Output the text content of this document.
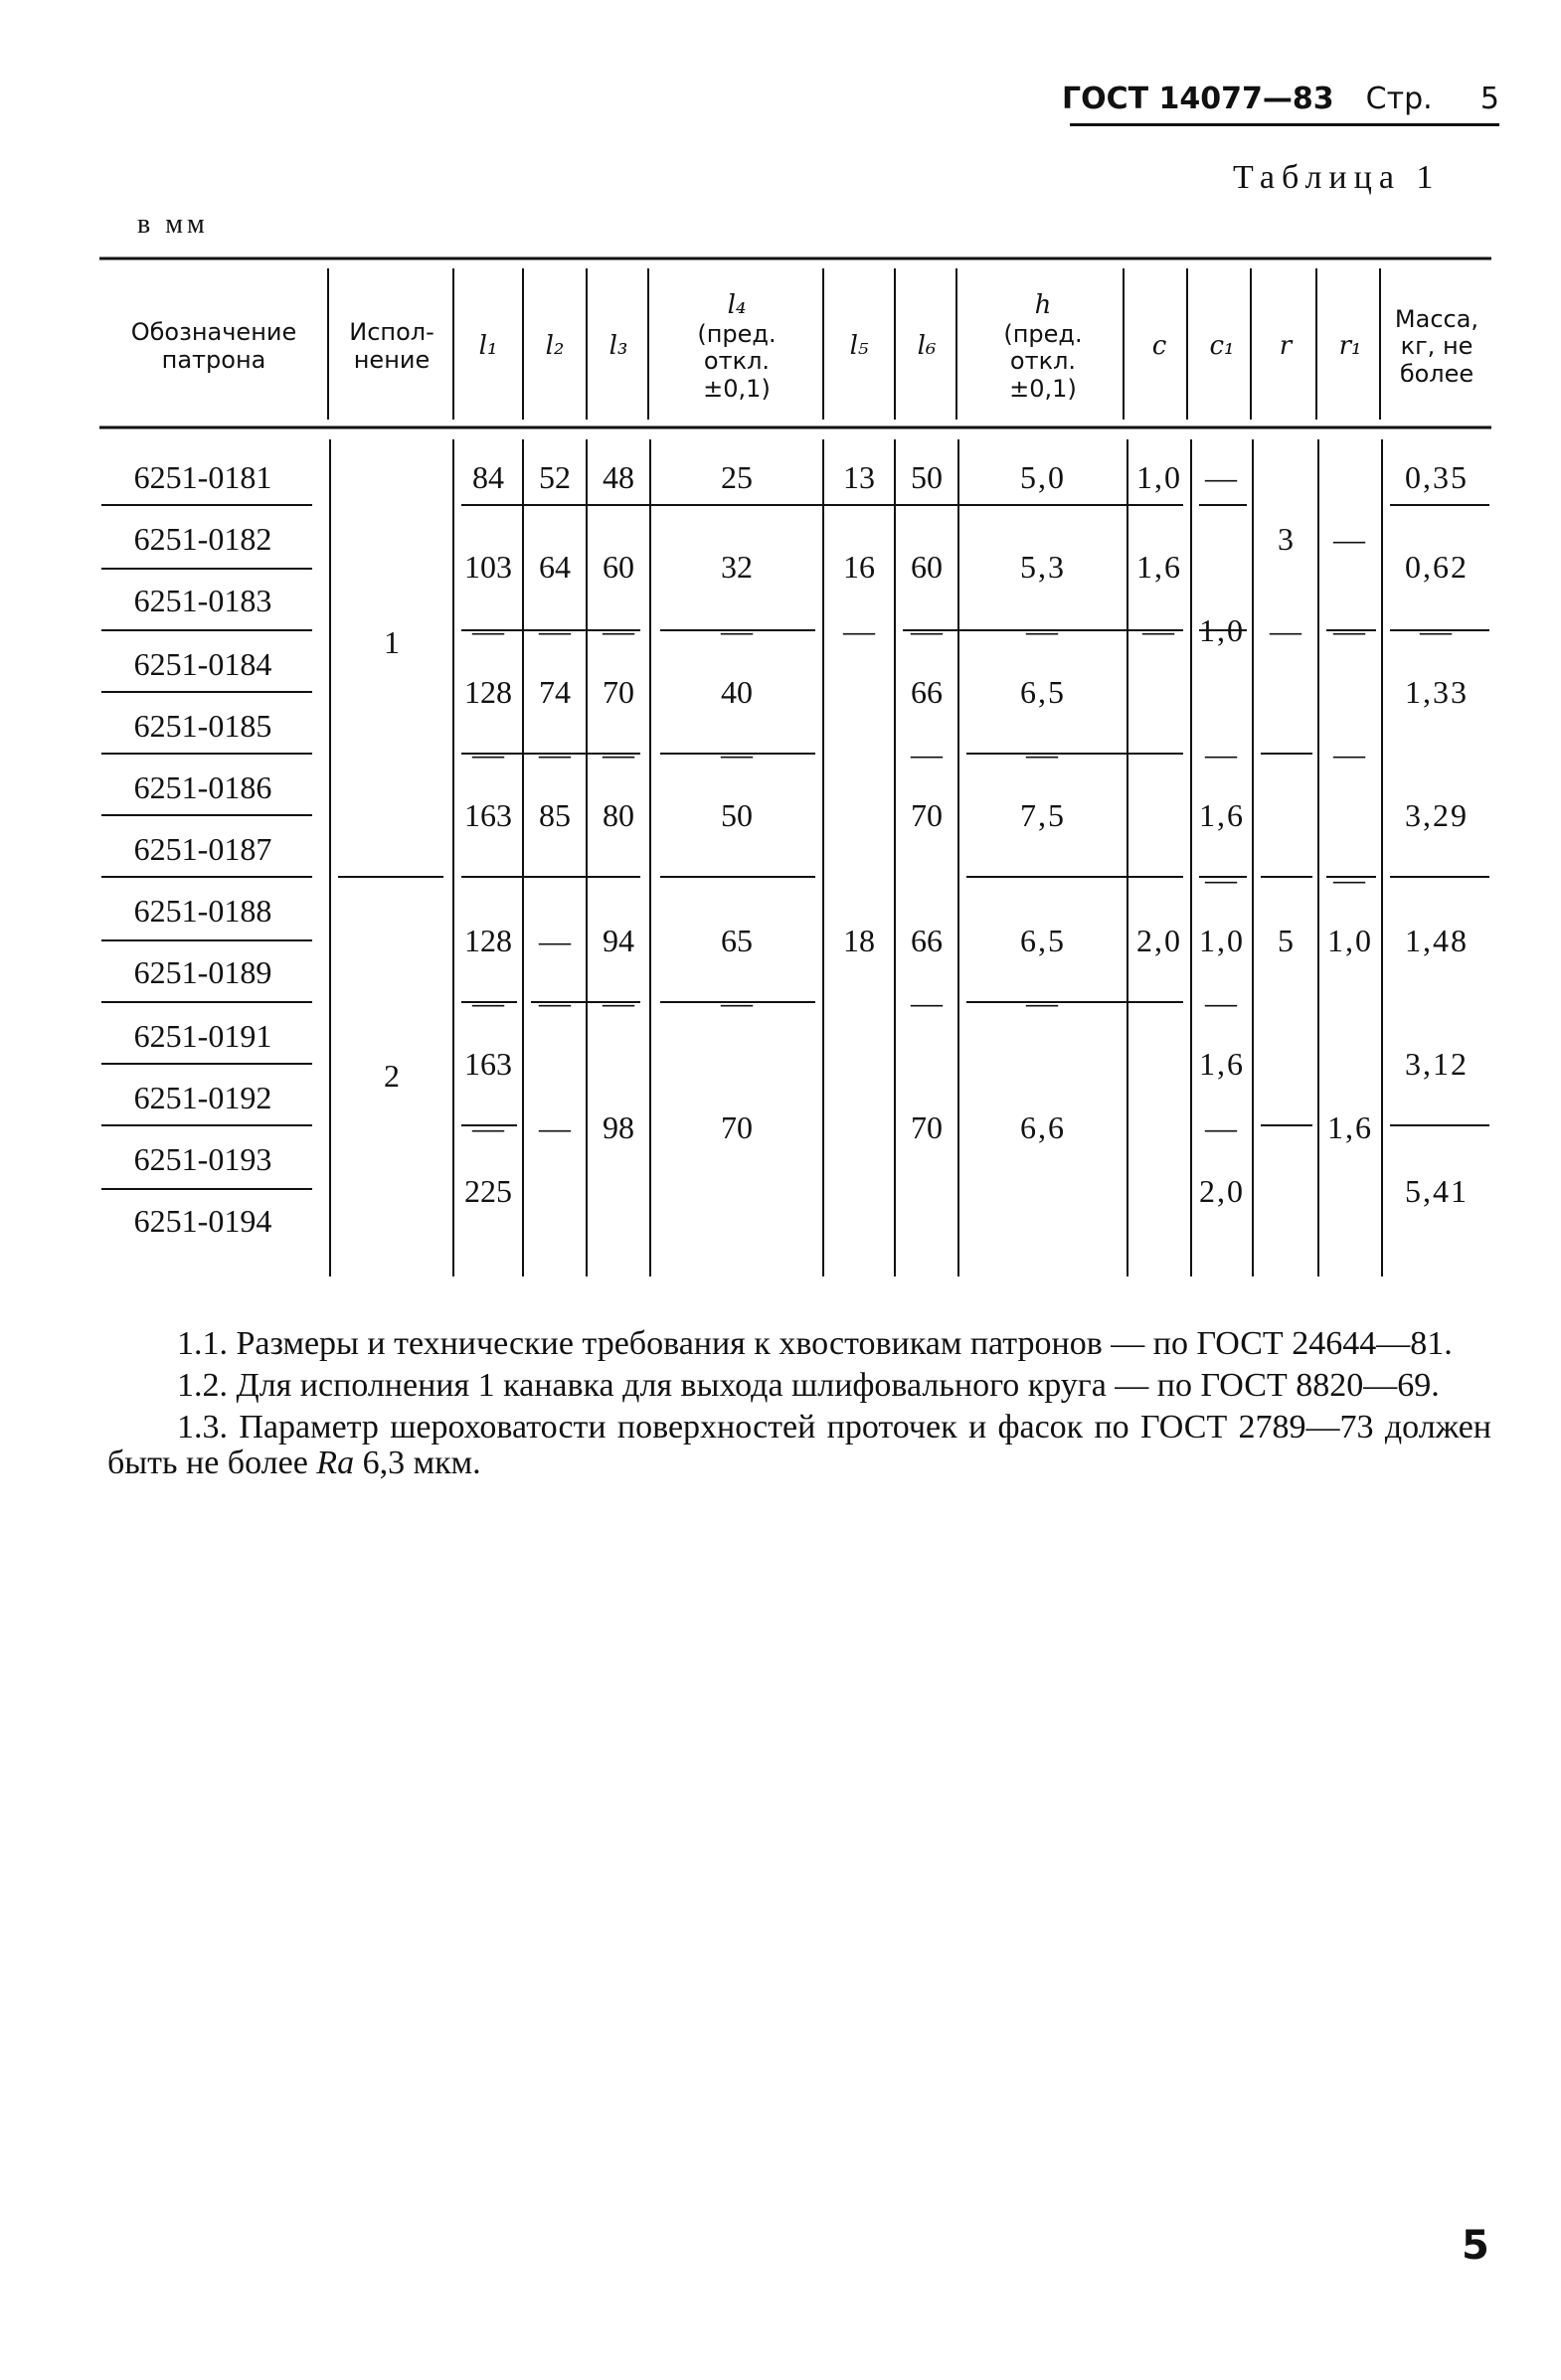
ГОСТ 14077—83 Стр. 5
Таблица 1
в мм
Обозначение патрона
Испол- нение	l₁ l₂ l₃
l₄
(пред. откл. ±0,1)
l₅ l₆
h
(пред. откл. ±0,1)
c c₁ r r₁
Масса, кг, не более
6251-0181
6251-0182
6251-0183
6251-0184
6251-0185
6251-0186
6251-0187
6251-0188
6251-0189
6251-0191
6251-0192
6251-0193
6251-0194
1
2
84
103
—
128
—
163
128
—
163
—
225
52
64
—
74
—
85
—
—
—
48
60
—
70
—
80
94
—
98
25
32
—
40
—
50
65
—
70
13
16
—
18
50
60
—
66
—
70
66
—
70
5,0
5,3
—
6,5
—
7,5
6,5
—
6,6
1,0
1,6
—
2,0
—
1,0
—
1,6
—
1,0
—
1,6
—
2,0
3
—
5
—
—
—
—
1,0
1,6
0,35
0,62
—
1,33
3,29
1,48
3,12
5,41

1.1. Размеры и технические требования к хвостовикам патронов — по ГОСТ 24644—81.

1.2. Для исполнения 1 канавка для выхода шлифовального круга — по ГОСТ 8820—69.

1.3. Параметр шероховатости поверхностей проточек и фасок по ГОСТ 2789—73 должен быть не более Ra 6,3 мкм.

5
